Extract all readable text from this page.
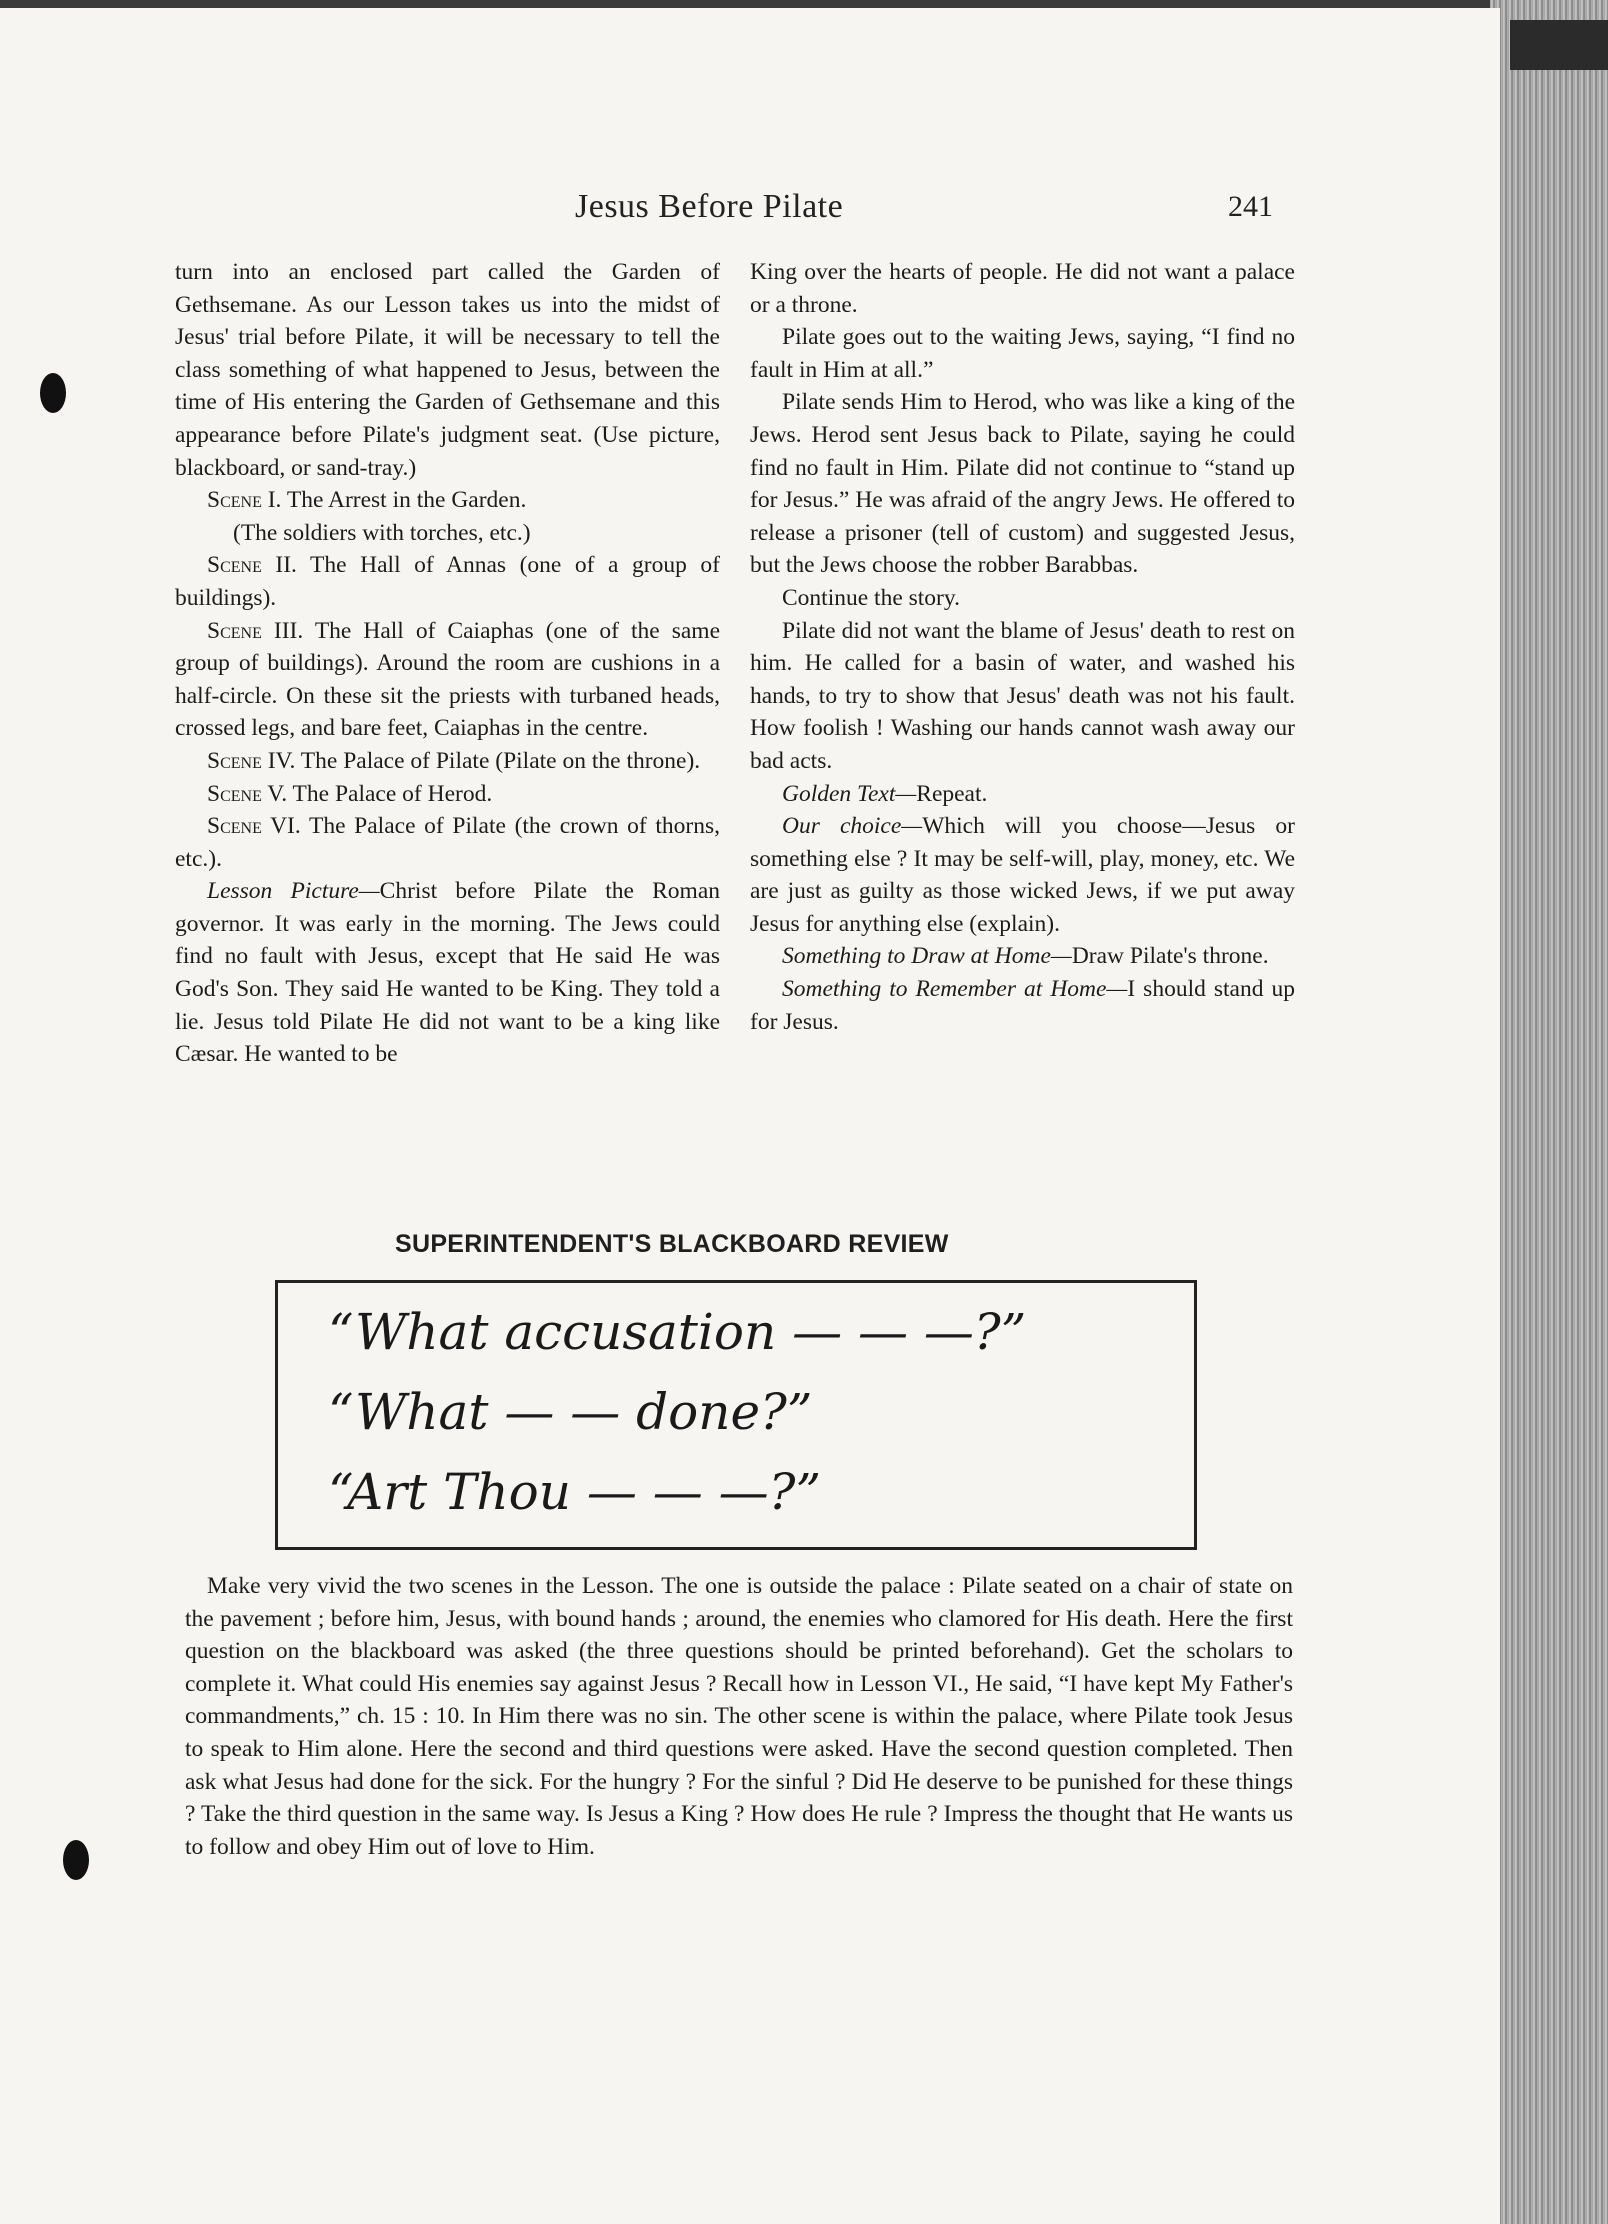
Jesus Before Pilate	241

turn into an enclosed part called the Garden of Gethsemane. As our Lesson takes us into the midst of Jesus' trial before Pilate, it will be necessary to tell the class something of what happened to Jesus, between the time of His entering the Garden of Gethsemane and this appearance before Pilate's judgment seat. (Use picture, blackboard, or sand-tray.)

Scene I. The Arrest in the Garden.

(The soldiers with torches, etc.)

Scene II. The Hall of Annas (one of a group of buildings).

Scene III. The Hall of Caiaphas (one of the same group of buildings). Around the room are cushions in a half-circle. On these sit the priests with turbaned heads, crossed legs, and bare feet, Caiaphas in the centre.

Scene IV. The Palace of Pilate (Pilate on the throne).

Scene V. The Palace of Herod.

Scene VI. The Palace of Pilate (the crown of thorns, etc.).

Lesson Picture—Christ before Pilate the Roman governor. It was early in the morning. The Jews could find no fault with Jesus, except that He said He was God's Son. They said He wanted to be King. They told a lie. Jesus told Pilate He did not want to be a king like Cæsar. He wanted to be

King over the hearts of people. He did not want a palace or a throne.

Pilate goes out to the waiting Jews, saying, “I find no fault in Him at all.”

Pilate sends Him to Herod, who was like a king of the Jews. Herod sent Jesus back to Pilate, saying he could find no fault in Him. Pilate did not continue to “stand up for Jesus.” He was afraid of the angry Jews. He offered to release a prisoner (tell of custom) and suggested Jesus, but the Jews choose the robber Barabbas.

Continue the story.

Pilate did not want the blame of Jesus' death to rest on him. He called for a basin of water, and washed his hands, to try to show that Jesus' death was not his fault. How foolish ! Washing our hands cannot wash away our bad acts.

Golden Text—Repeat.

Our choice—Which will you choose—Jesus or something else ? It may be self-will, play, money, etc. We are just as guilty as those wicked Jews, if we put away Jesus for anything else (explain).

Something to Draw at Home—Draw Pilate's throne.

Something to Remember at Home—I should stand up for Jesus.

SUPERINTENDENT'S BLACKBOARD REVIEW
“What accusation — — —?”
“What — — done?”
“Art Thou — — —?”

Make very vivid the two scenes in the Lesson. The one is outside the palace : Pilate seated on a chair of state on the pavement ; before him, Jesus, with bound hands ; around, the enemies who clamored for His death. Here the first question on the blackboard was asked (the three questions should be printed beforehand). Get the scholars to complete it. What could His enemies say against Jesus ? Recall how in Lesson VI., He said, “I have kept My Father's commandments,” ch. 15 : 10. In Him there was no sin. The other scene is within the palace, where Pilate took Jesus to speak to Him alone. Here the second and third questions were asked. Have the second question completed. Then ask what Jesus had done for the sick. For the hungry ? For the sinful ? Did He deserve to be punished for these things ? Take the third question in the same way. Is Jesus a King ? How does He rule ? Impress the thought that He wants us to follow and obey Him out of love to Him.
